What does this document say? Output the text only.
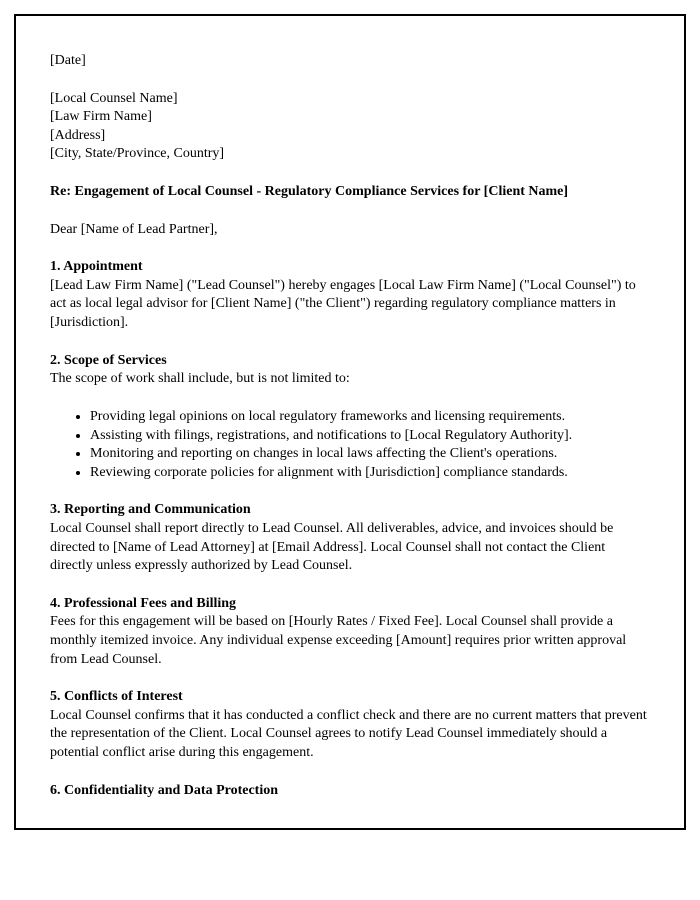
[Date]

[Local Counsel Name]
[Law Firm Name]
[Address]
[City, State/Province, Country]

Re: Engagement of Local Counsel - Regulatory Compliance Services for [Client Name]

Dear [Name of Lead Partner],

1. Appointment

[Lead Law Firm Name] ("Lead Counsel") hereby engages [Local Law Firm Name] ("Local Counsel") to act as local legal advisor for [Client Name] ("the Client") regarding regulatory compliance matters in [Jurisdiction].

2. Scope of Services

The scope of work shall include, but is not limited to:

• Providing legal opinions on local regulatory frameworks and licensing requirements.
• Assisting with filings, registrations, and notifications to [Local Regulatory Authority].
• Monitoring and reporting on changes in local laws affecting the Client's operations.
• Reviewing corporate policies for alignment with [Jurisdiction] compliance standards.
3. Reporting and Communication

Local Counsel shall report directly to Lead Counsel. All deliverables, advice, and invoices should be directed to [Name of Lead Attorney] at [Email Address]. Local Counsel shall not contact the Client directly unless expressly authorized by Lead Counsel.

4. Professional Fees and Billing

Fees for this engagement will be based on [Hourly Rates / Fixed Fee]. Local Counsel shall provide a monthly itemized invoice. Any individual expense exceeding [Amount] requires prior written approval from Lead Counsel.

5. Conflicts of Interest

Local Counsel confirms that it has conducted a conflict check and there are no current matters that prevent the representation of the Client. Local Counsel agrees to notify Lead Counsel immediately should a potential conflict arise during this engagement.

6. Confidentiality and Data Protection
